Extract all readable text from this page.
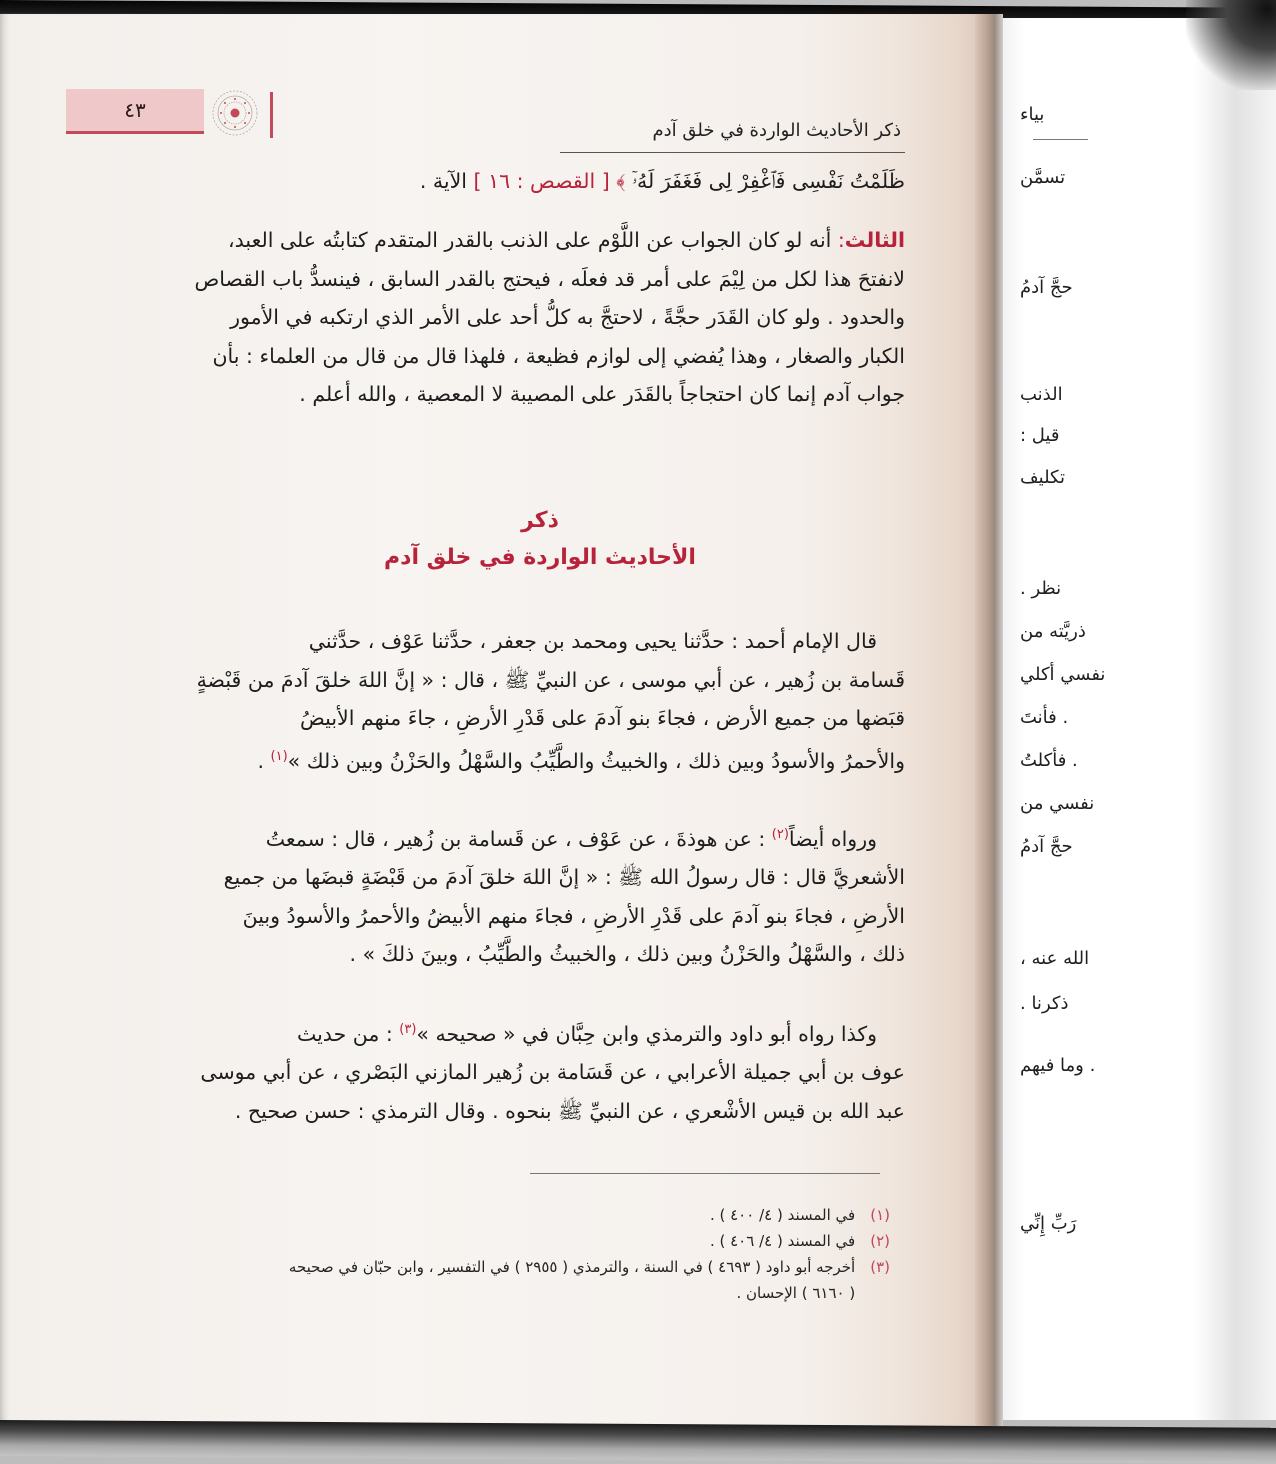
٤٣
ذكر الأحاديث الواردة في خلق آدم
ظَلَمْتُ نَفْسِى فَٱغْفِرْ لِى فَغَفَرَ لَهُۥٓ ﴾ [ القصص : ١٦ ] الآية .
الثالث: أنه لو كان الجواب عن اللَّوْم على الذنب بالقدر المتقدم كتابتُه على العبد،
لانفتحَ هذا لكل من لِيْمَ على أمر قد فعلَه ، فيحتج بالقدر السابق ، فينسدُّ باب القصاص
والحدود . ولو كان القَدَر حجَّةً ، لاحتجَّ به كلُّ أحد على الأمر الذي ارتكبه في الأمور
الكبار والصغار ، وهذا يُفضي إلى لوازم فظيعة ، فلهذا قال من قال من العلماء : بأن
جواب آدم إنما كان احتجاجاً بالقَدَر على المصيبة لا المعصية ، والله أعلم .
ذكر
الأحاديث الواردة في خلق آدم
قال الإمام أحمد : حدَّثنا يحيى ومحمد بن جعفر ، حدَّثنا عَوْف ، حدَّثني
قَسامة بن زُهير ، عن أبي موسى ، عن النبيِّ ﷺ ، قال : « إنَّ اللهَ خلقَ آدمَ من قَبْضةٍ
قبَضها من جميع الأرض ، فجاءَ بنو آدمَ على قَدْرِ الأرضِ ، جاءَ منهم الأبيضُ
والأحمرُ والأسودُ وبين ذلك ، والخبيثُ والطَّيِّبُ والسَّهْلُ والحَزْنُ وبين ذلك »$^{(١)}$ .
ورواه أيضاً$^{(٢)}$ : عن هوذةَ ، عن عَوْف ، عن قَسامة بن زُهير ، قال : سمعتُ
الأشعريَّ قال : قال رسولُ الله ﷺ : « إنَّ اللهَ خلقَ آدمَ من قَبْضَةٍ قبضَها من جميع
الأرضِ ، فجاءَ بنو آدمَ على قَدْرِ الأرضِ ، فجاءَ منهم الأبيضُ والأحمرُ والأسودُ وبينَ
ذلك ، والسَّهْلُ والحَزْنُ وبين ذلك ، والخبيثُ والطَّيِّبُ ، وبينَ ذلكَ » .
وكذا رواه أبو داود والترمذي وابن حِبَّان في « صحيحه »$^{(٣)}$ : من حديث
عوف بن أبي جميلة الأعرابي ، عن قَسَامة بن زُهير المازني البَصْري ، عن أبي موسى
عبد الله بن قيس الأشْعري ، عن النبيِّ ﷺ بنحوه . وقال الترمذي : حسن صحيح .
(١) في المسند ( ٤/ ٤٠٠ ) .
(٢) في المسند ( ٤/ ٤٠٦ ) .
(٣) أخرجه أبو داود ( ٤٦٩٣ ) في السنة ، والترمذي ( ٢٩٥٥ ) في التفسير ، وابن حبّان في صحيحه
( ٦١٦٠ ) الإحسان .
بياء
تسمَّن
حجَّ آدمُ
الذنب
قيل :
تكليف
نظر .
ذريَّته من
نفسي أكلي
. فأنتَ
. فأكلتُ
نفسي من
حجَّ آدمُ
الله عنه ،
ذكرنا .
. وما فيهم
رَبِّ إِنِّي
